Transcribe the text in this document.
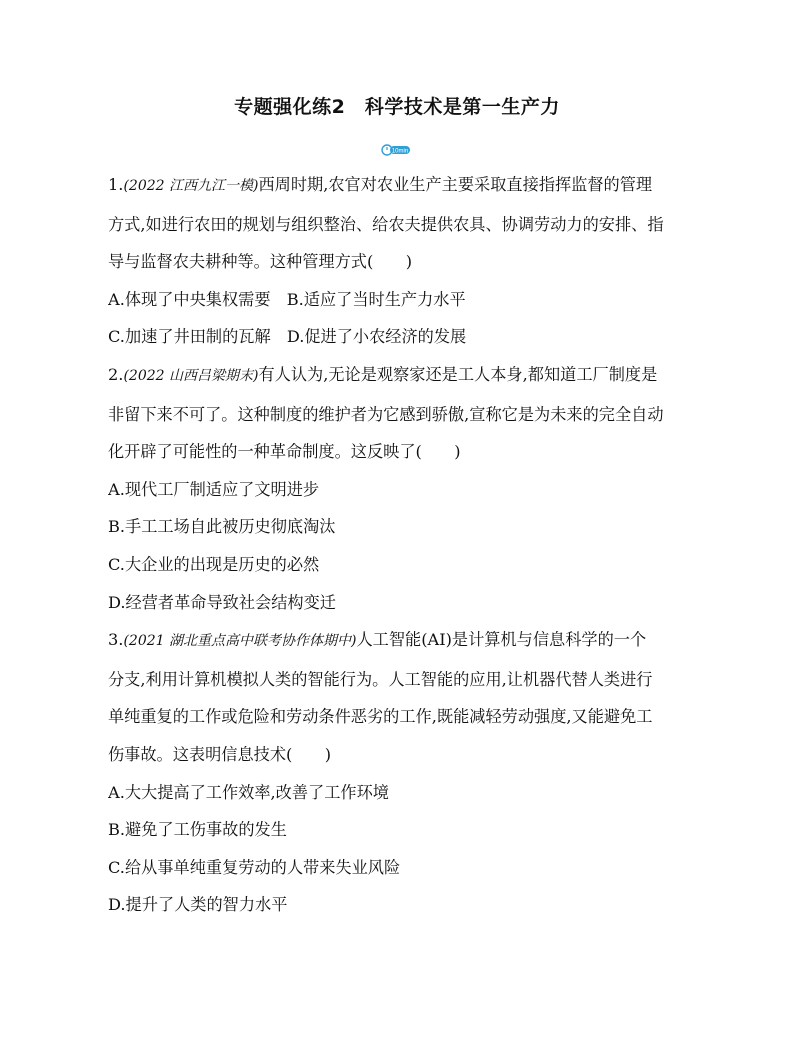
专题强化练2　科学技术是第一生产力
10min
1.(2022 江西九江一模)西周时期,农官对农业生产主要采取直接指挥监督的管理
方式,如进行农田的规划与组织整治、给农夫提供农具、协调劳动力的安排、指
导与监督农夫耕种等。这种管理方式(　　)
A.体现了中央集权需要　B.适应了当时生产力水平
C.加速了井田制的瓦解　D.促进了小农经济的发展
2.(2022 山西吕梁期末)有人认为,无论是观察家还是工人本身,都知道工厂制度是
非留下来不可了。这种制度的维护者为它感到骄傲,宣称它是为未来的完全自动
化开辟了可能性的一种革命制度。这反映了(　　)
A.现代工厂制适应了文明进步
B.手工工场自此被历史彻底淘汰
C.大企业的出现是历史的必然
D.经营者革命导致社会结构变迁
3.(2021 湖北重点高中联考协作体期中)人工智能(AI)是计算机与信息科学的一个
分支,利用计算机模拟人类的智能行为。人工智能的应用,让机器代替人类进行
单纯重复的工作或危险和劳动条件恶劣的工作,既能减轻劳动强度,又能避免工
伤事故。这表明信息技术(　　)
A.大大提高了工作效率,改善了工作环境
B.避免了工伤事故的发生
C.给从事单纯重复劳动的人带来失业风险
D.提升了人类的智力水平
